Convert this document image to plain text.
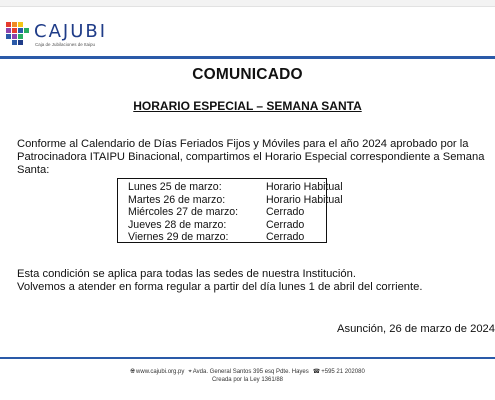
CAJUBI
Caja de Jubilaciones de Itaipu
COMUNICADO
HORARIO ESPECIAL – SEMANA SANTA
Conforme al Calendario de Días Feriados Fijos y Móviles para el año 2024 aprobado por la Patrocinadora ITAIPU Binacional, compartimos el Horario Especial correspondiente a Semana Santa:
Lunes 25 de marzo:	Horario Habitual
Martes 26 de marzo:	Horario Habitual
Miércoles 27 de marzo:	Cerrado
Jueves 28 de marzo:	Cerrado
Viernes 29 de marzo:	Cerrado
Esta condición se aplica para todas las sedes de nuestra Institución.
Volvemos a atender en forma regular a partir del día lunes 1 de abril del corriente.
Asunción, 26 de marzo de 2024
🌐︎www.cajubi.org.py ⌖Avda. General Santos 395 esq Pdte. Hayes ☎+595 21 202080
Creada por la Ley 1361/88
